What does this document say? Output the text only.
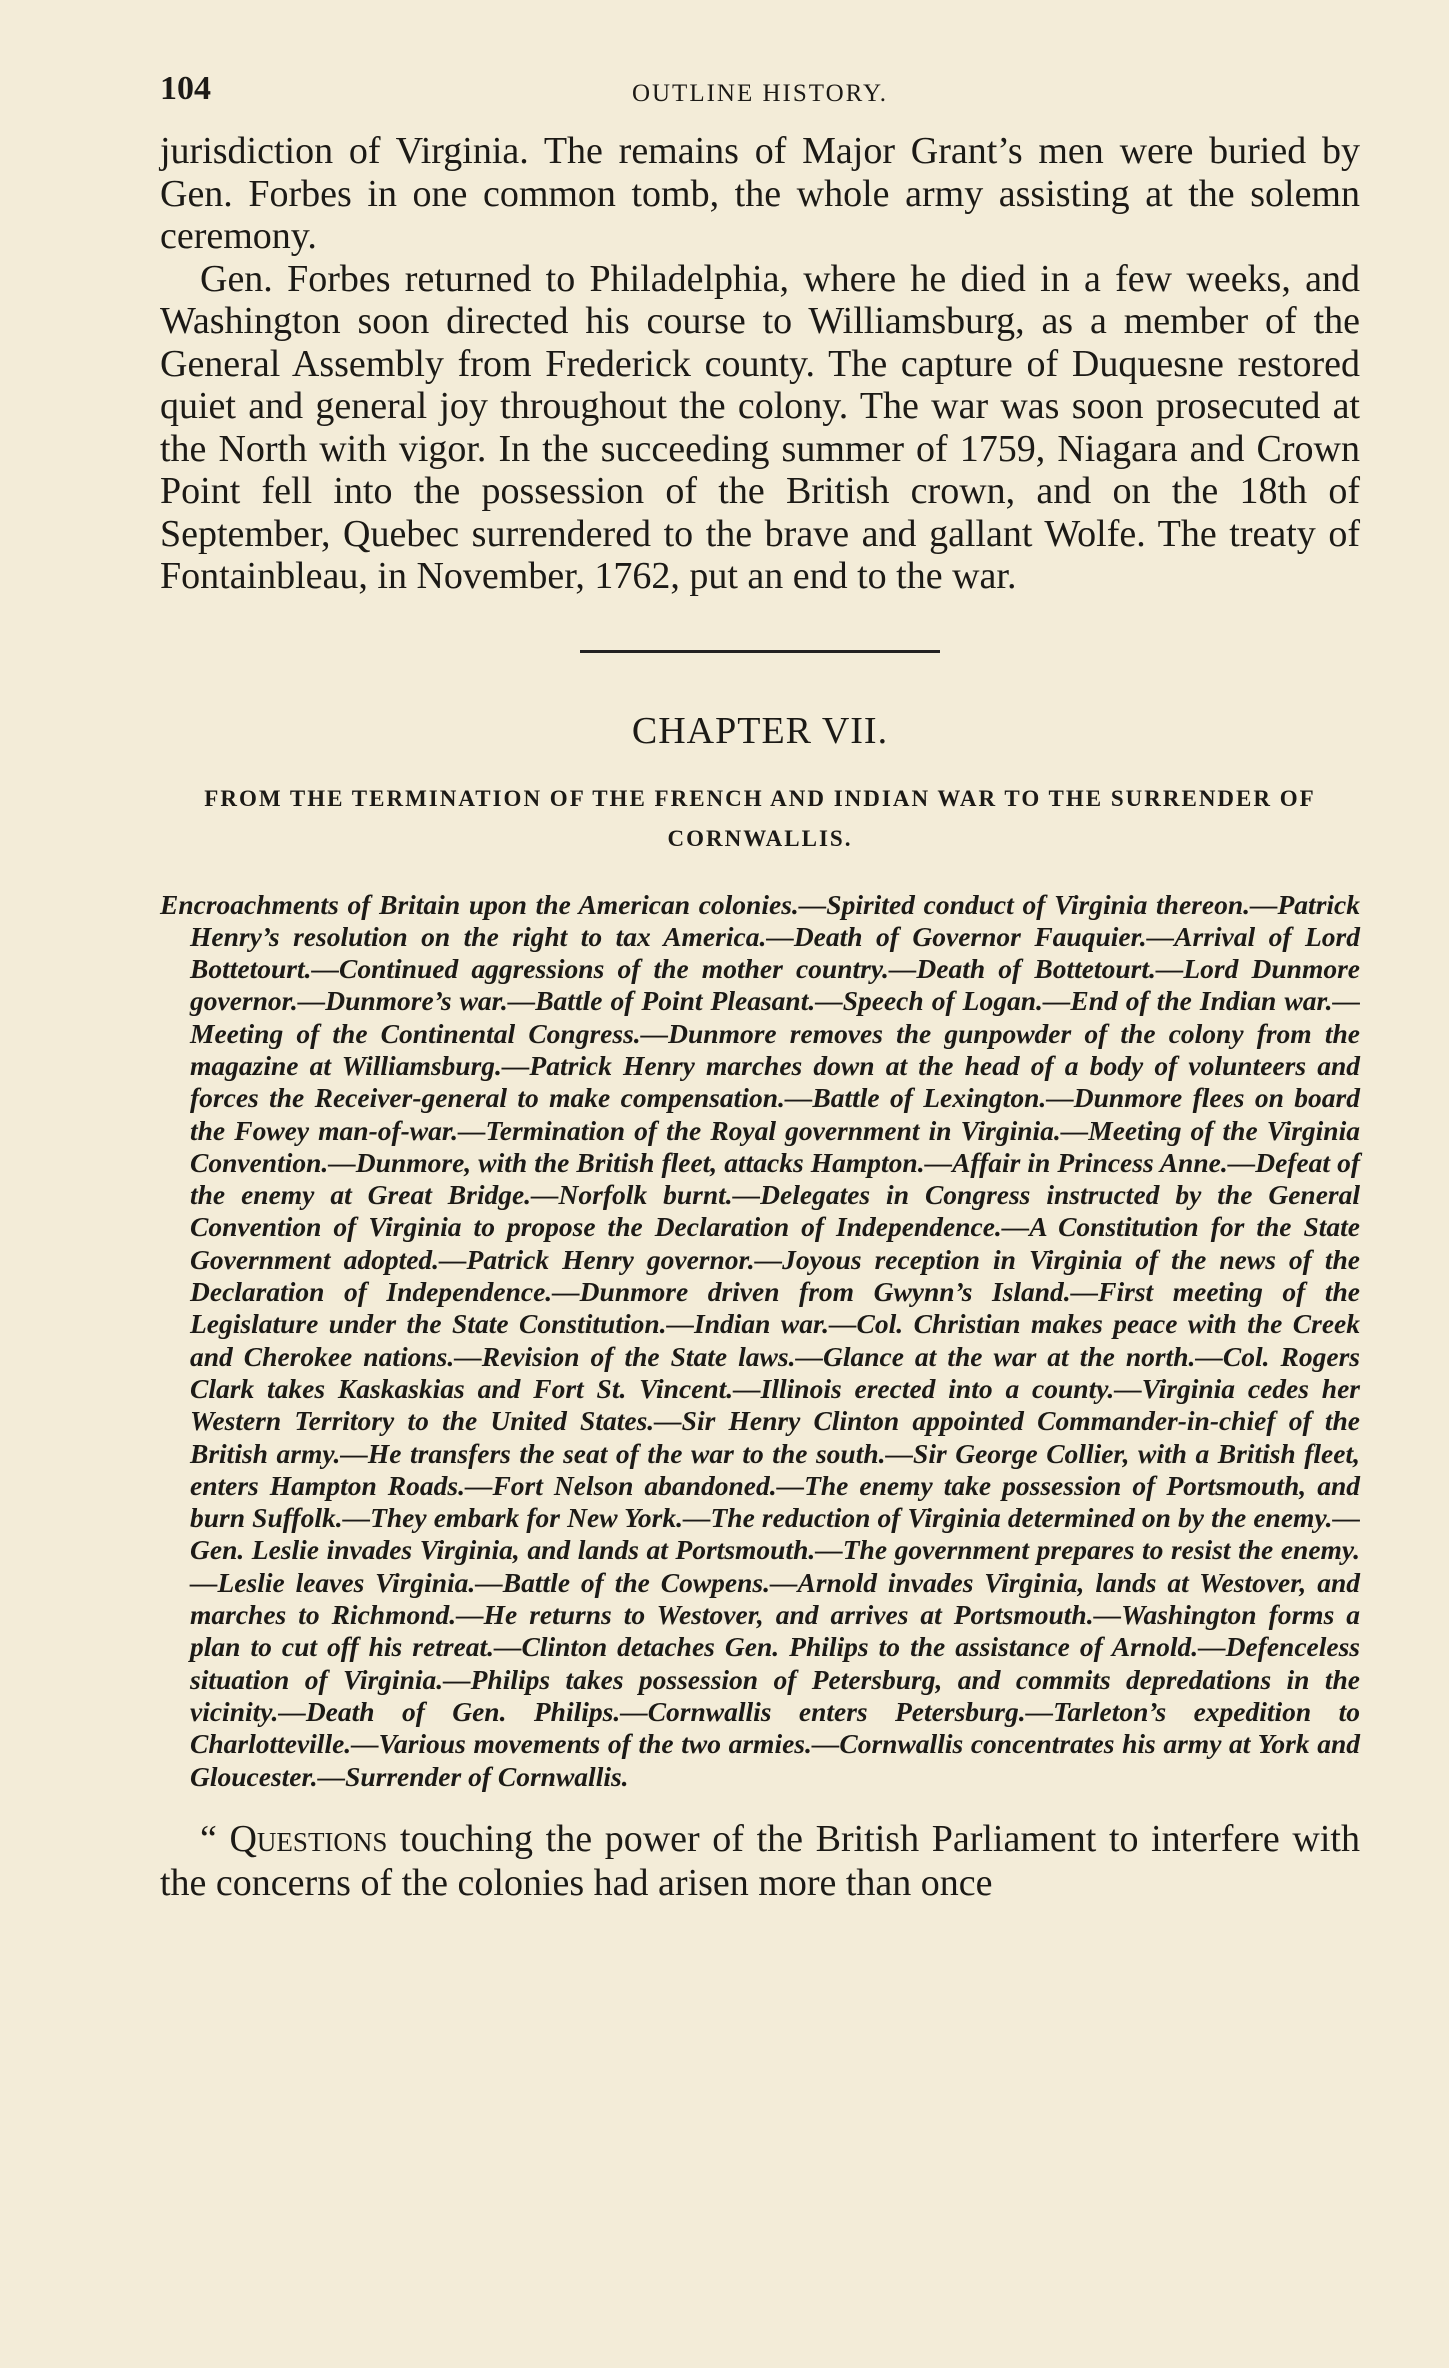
104	OUTLINE HISTORY.

jurisdiction of Virginia. The remains of Major Grant’s men were buried by Gen. Forbes in one common tomb, the whole army assisting at the solemn ceremony.

Gen. Forbes returned to Philadelphia, where he died in a few weeks, and Washington soon directed his course to Williamsburg, as a member of the General Assembly from Frederick county. The capture of Duquesne restored quiet and general joy throughout the colony. The war was soon prosecuted at the North with vigor. In the succeeding summer of 1759, Niagara and Crown Point fell into the possession of the British crown, and on the 18th of September, Quebec surrendered to the brave and gallant Wolfe. The treaty of Fontainbleau, in November, 1762, put an end to the war.

CHAPTER VII.
FROM THE TERMINATION OF THE FRENCH AND INDIAN WAR TO THE SURRENDER OF CORNWALLIS.
Encroachments of Britain upon the American colonies.—Spirited conduct of Virginia thereon.—Patrick Henry’s resolution on the right to tax America.—Death of Governor Fauquier.—Arrival of Lord Bottetourt.—Continued aggressions of the mother country.—Death of Bottetourt.—Lord Dunmore governor.—Dunmore’s war.—Battle of Point Pleasant.—Speech of Logan.—End of the Indian war.—Meeting of the Continental Congress.—Dunmore removes the gunpowder of the colony from the magazine at Williamsburg.—Patrick Henry marches down at the head of a body of volunteers and forces the Receiver-general to make compensation.—Battle of Lexington.—Dunmore flees on board the Fowey man-of-war.—Termination of the Royal government in Virginia.—Meeting of the Virginia Convention.—Dunmore, with the British fleet, attacks Hampton.—Affair in Princess Anne.—Defeat of the enemy at Great Bridge.—Norfolk burnt.—Delegates in Congress instructed by the General Convention of Virginia to propose the Declaration of Independence.—A Constitution for the State Government adopted.—Patrick Henry governor.—Joyous reception in Virginia of the news of the Declaration of Independence.—Dunmore driven from Gwynn’s Island.—First meeting of the Legislature under the State Constitution.—Indian war.—Col. Christian makes peace with the Creek and Cherokee nations.—Revision of the State laws.—Glance at the war at the north.—Col. Rogers Clark takes Kaskaskias and Fort St. Vincent.—Illinois erected into a county.—Virginia cedes her Western Territory to the United States.—Sir Henry Clinton appointed Commander-in-chief of the British army.—He transfers the seat of the war to the south.—Sir George Collier, with a British fleet, enters Hampton Roads.—Fort Nelson abandoned.—The enemy take possession of Portsmouth, and burn Suffolk.—They embark for New York.—The reduction of Virginia determined on by the enemy.—Gen. Leslie invades Virginia, and lands at Portsmouth.—The government prepares to resist the enemy.—Leslie leaves Virginia.—Battle of the Cowpens.—Arnold invades Virginia, lands at Westover, and marches to Richmond.—He returns to Westover, and arrives at Portsmouth.—Washington forms a plan to cut off his retreat.—Clinton detaches Gen. Philips to the assistance of Arnold.—Defenceless situation of Virginia.—Philips takes possession of Petersburg, and commits depredations in the vicinity.—Death of Gen. Philips.—Cornwallis enters Petersburg.—Tarleton’s expedition to Charlotteville.—Various movements of the two armies.—Cornwallis concentrates his army at York and Gloucester.—Surrender of Cornwallis.
“ Questions touching the power of the British Parliament to interfere with the concerns of the colonies had arisen more than once
